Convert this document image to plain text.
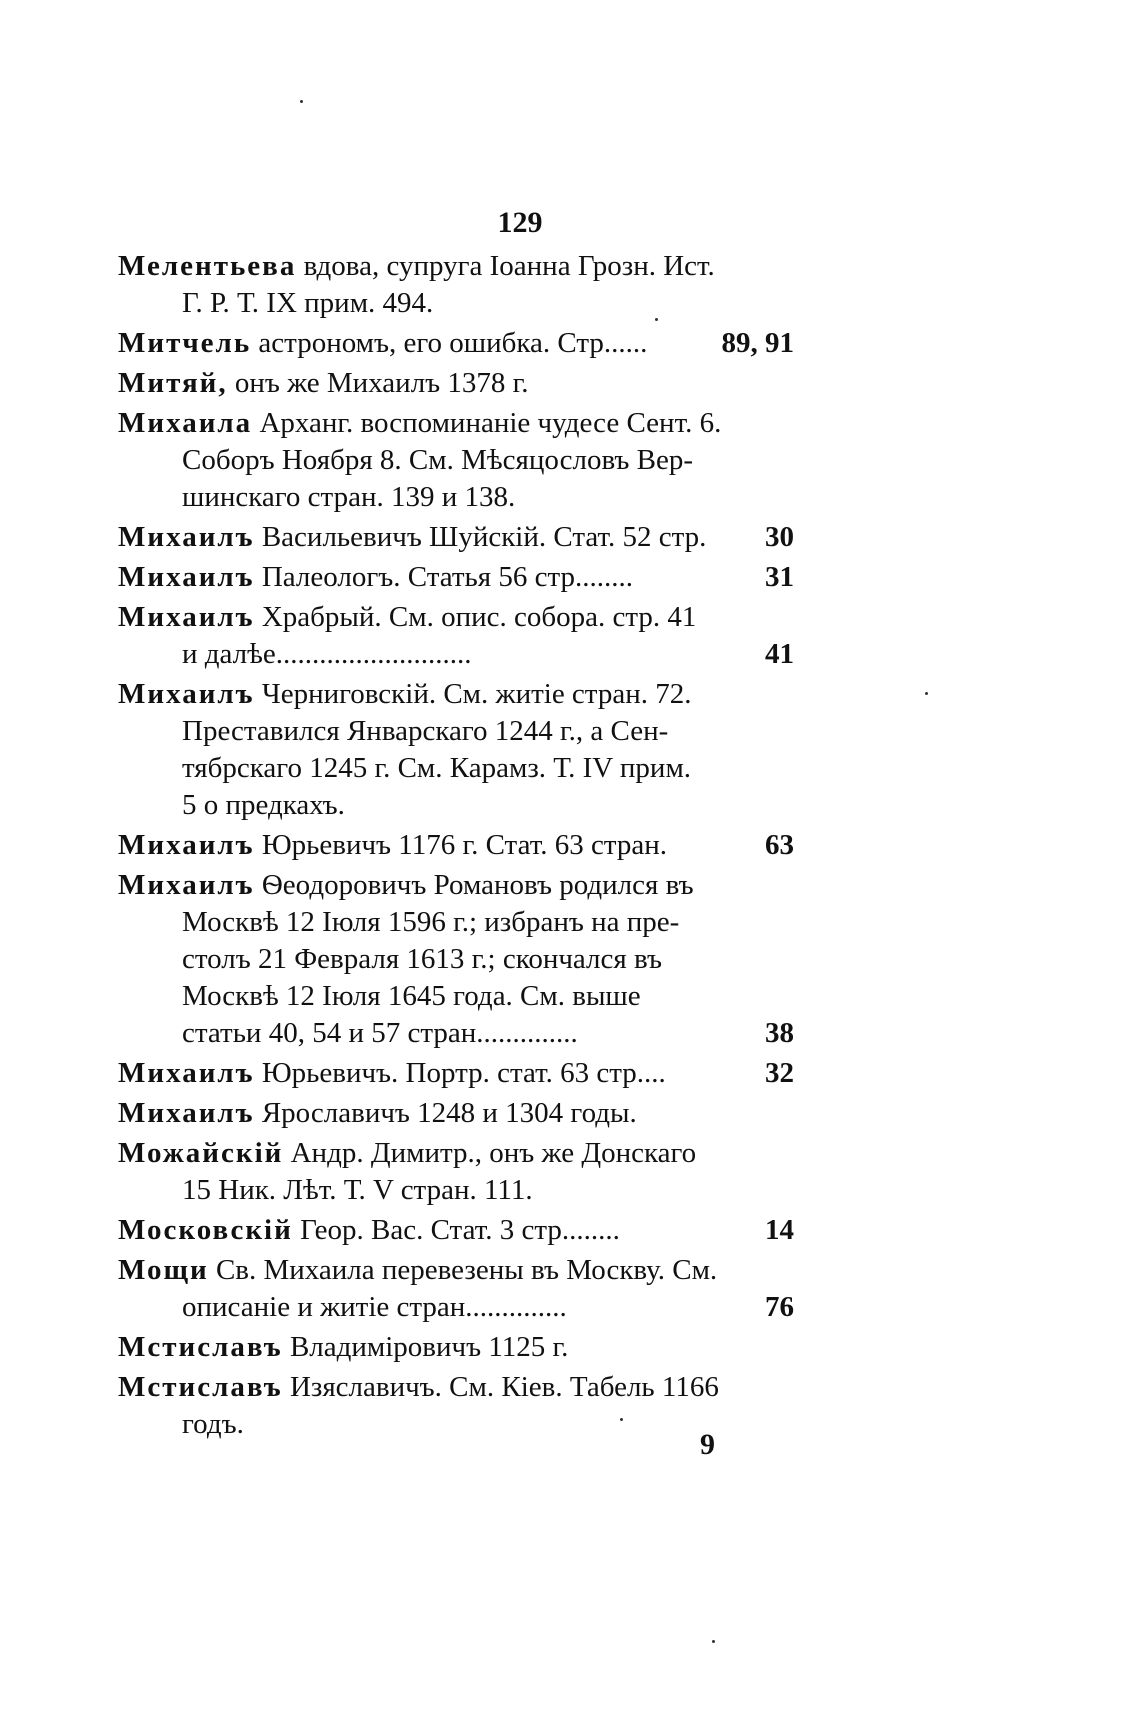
129
Мелентьева вдова, супруга Іоанна Грозн. Ист.
Г. Р. Т. IX прим. 494.
Митчель астрономъ, его ошибка. Стр......	89, 91
Митяй, онъ же Михаилъ 1378 г.
Михаила Арханг. воспоминаніе чудесе Сент. 6.
Соборъ Ноября 8. См. Мѣсяцословъ Вер-
шинскаго стран. 139 и 138.
Михаилъ Васильевичъ Шуйскій. Стат. 52 стр.	30
Михаилъ Палеологъ. Статья 56 стр........	31
Михаилъ Храбрый. См. опис. собора. стр. 41
и далѣе...........................	41
Михаилъ Черниговскій. См. житіе стран. 72.
Преставился Январскаго 1244 г., а Сен-
тябрскаго 1245 г. См. Карамз. Т. IV прим.
5 о предкахъ.
Михаилъ Юрьевичъ 1176 г. Стат. 63 стран.	63
Михаилъ Ѳеодоровичъ Романовъ родился въ
Москвѣ 12 Іюля 1596 г.; избранъ на пре-
столъ 21 Февраля 1613 г.; скончался въ
Москвѣ 12 Іюля 1645 года. См. выше
статьи 40, 54 и 57 стран..............	38
Михаилъ Юрьевичъ. Портр. стат. 63 стр....	32
Михаилъ Ярославичъ 1248 и 1304 годы.
Можайскій Андр. Димитр., онъ же Донскаго
15 Ник. Лѣт. Т. V стран. 111.
Московскій Геор. Вас. Стат. 3 стр........	14
Мощи Св. Михаила перевезены въ Москву. См.
описаніе и житіе стран..............	76
Мстиславъ Владиміровичъ 1125 г.
Мстиславъ Изяславичъ. См. Кіев. Табель 1166
годъ.
9
